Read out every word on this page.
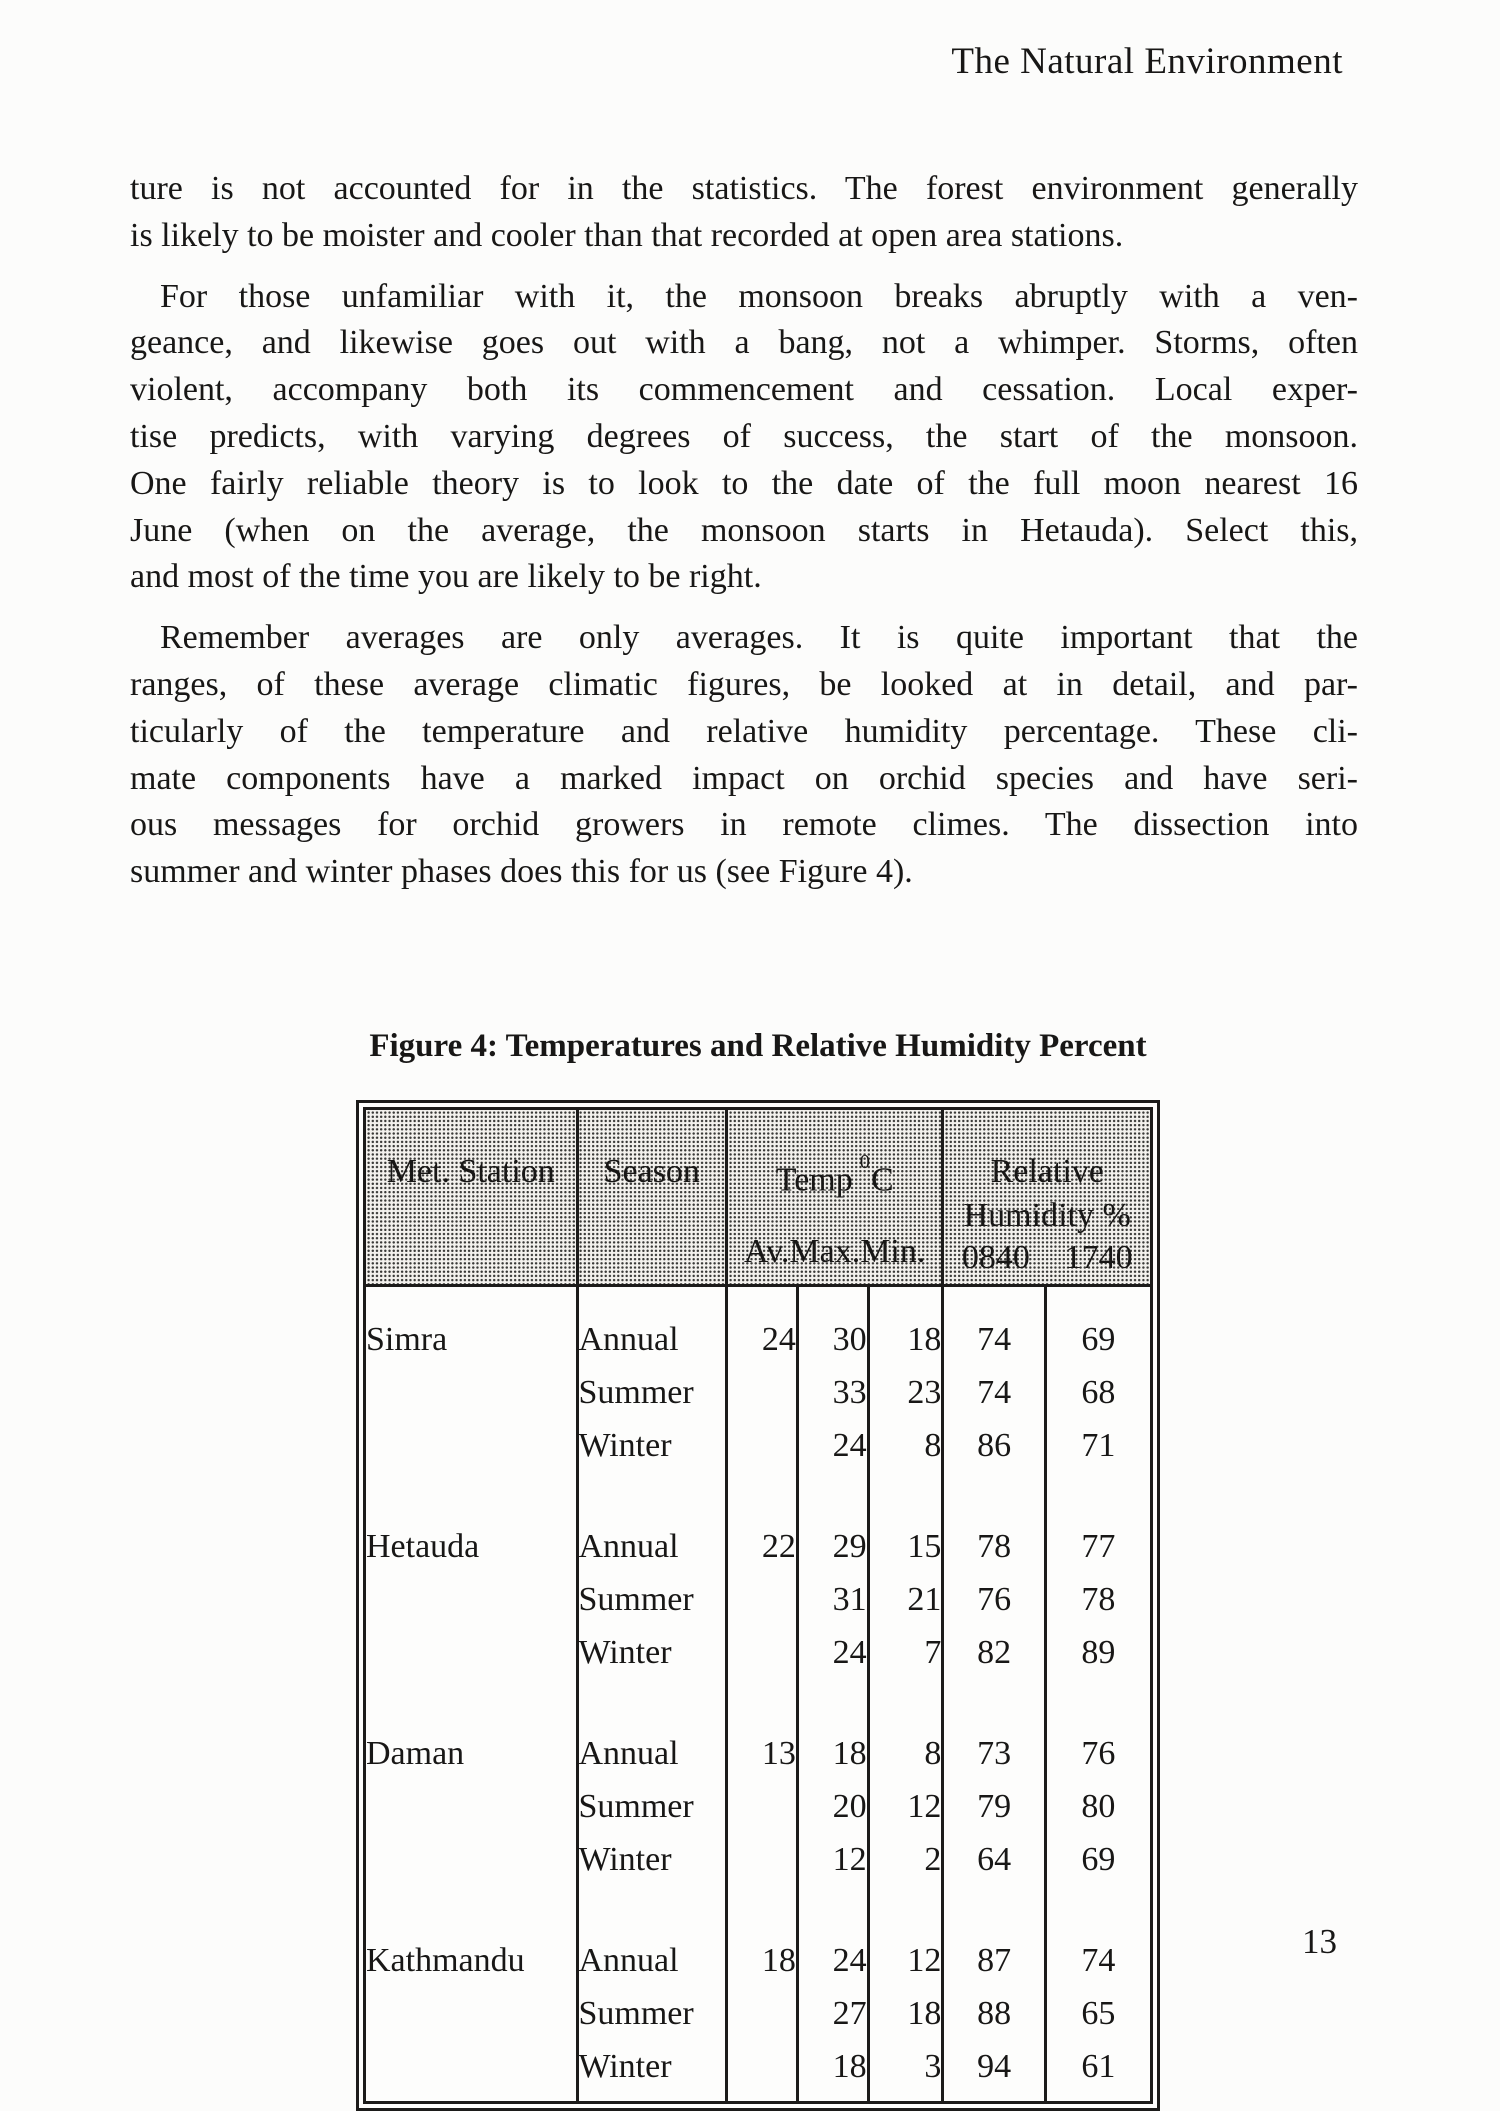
The Natural Environment
ture is not accounted for in the statistics. The forest environment generally
is likely to be moister and cooler than that recorded at open area stations.
For those unfamiliar with it, the monsoon breaks abruptly with a ven-
geance, and likewise goes out with a bang, not a whimper. Storms, often
violent, accompany both its commencement and cessation. Local exper-
tise predicts, with varying degrees of success, the start of the monsoon.
One fairly reliable theory is to look to the date of the full moon nearest 16
June (when on the average, the monsoon starts in Hetauda). Select this,
and most of the time you are likely to be right.
Remember averages are only averages. It is quite important that the
ranges, of these average climatic figures, be looked at in detail, and par-
ticularly of the temperature and relative humidity percentage. These cli-
mate components have a marked impact on orchid species and have seri-
ous messages for orchid growers in remote climes. The dissection into
summer and winter phases does this for us (see Figure 4).
Figure 4: Temperatures and Relative Humidity Percent
Met. Station	Season	Temp $^0$C
Av.Max.Min.

Relative
Humidity %
0840	1740

Simra	Annual	24	30	18	74	69
	Summer		33	23	74	68
	Winter		24	8	86	71

Hetauda	Annual	22	29	15	78	77
	Summer		31	21	76	78
	Winter		24	7	82	89

Daman	Annual	13	18	8	73	76
	Summer		20	12	79	80
	Winter		12	2	64	69

Kathmandu	Annual	18	24	12	87	74
	Summer		27	18	88	65
	Winter		18	3	94	61

13
